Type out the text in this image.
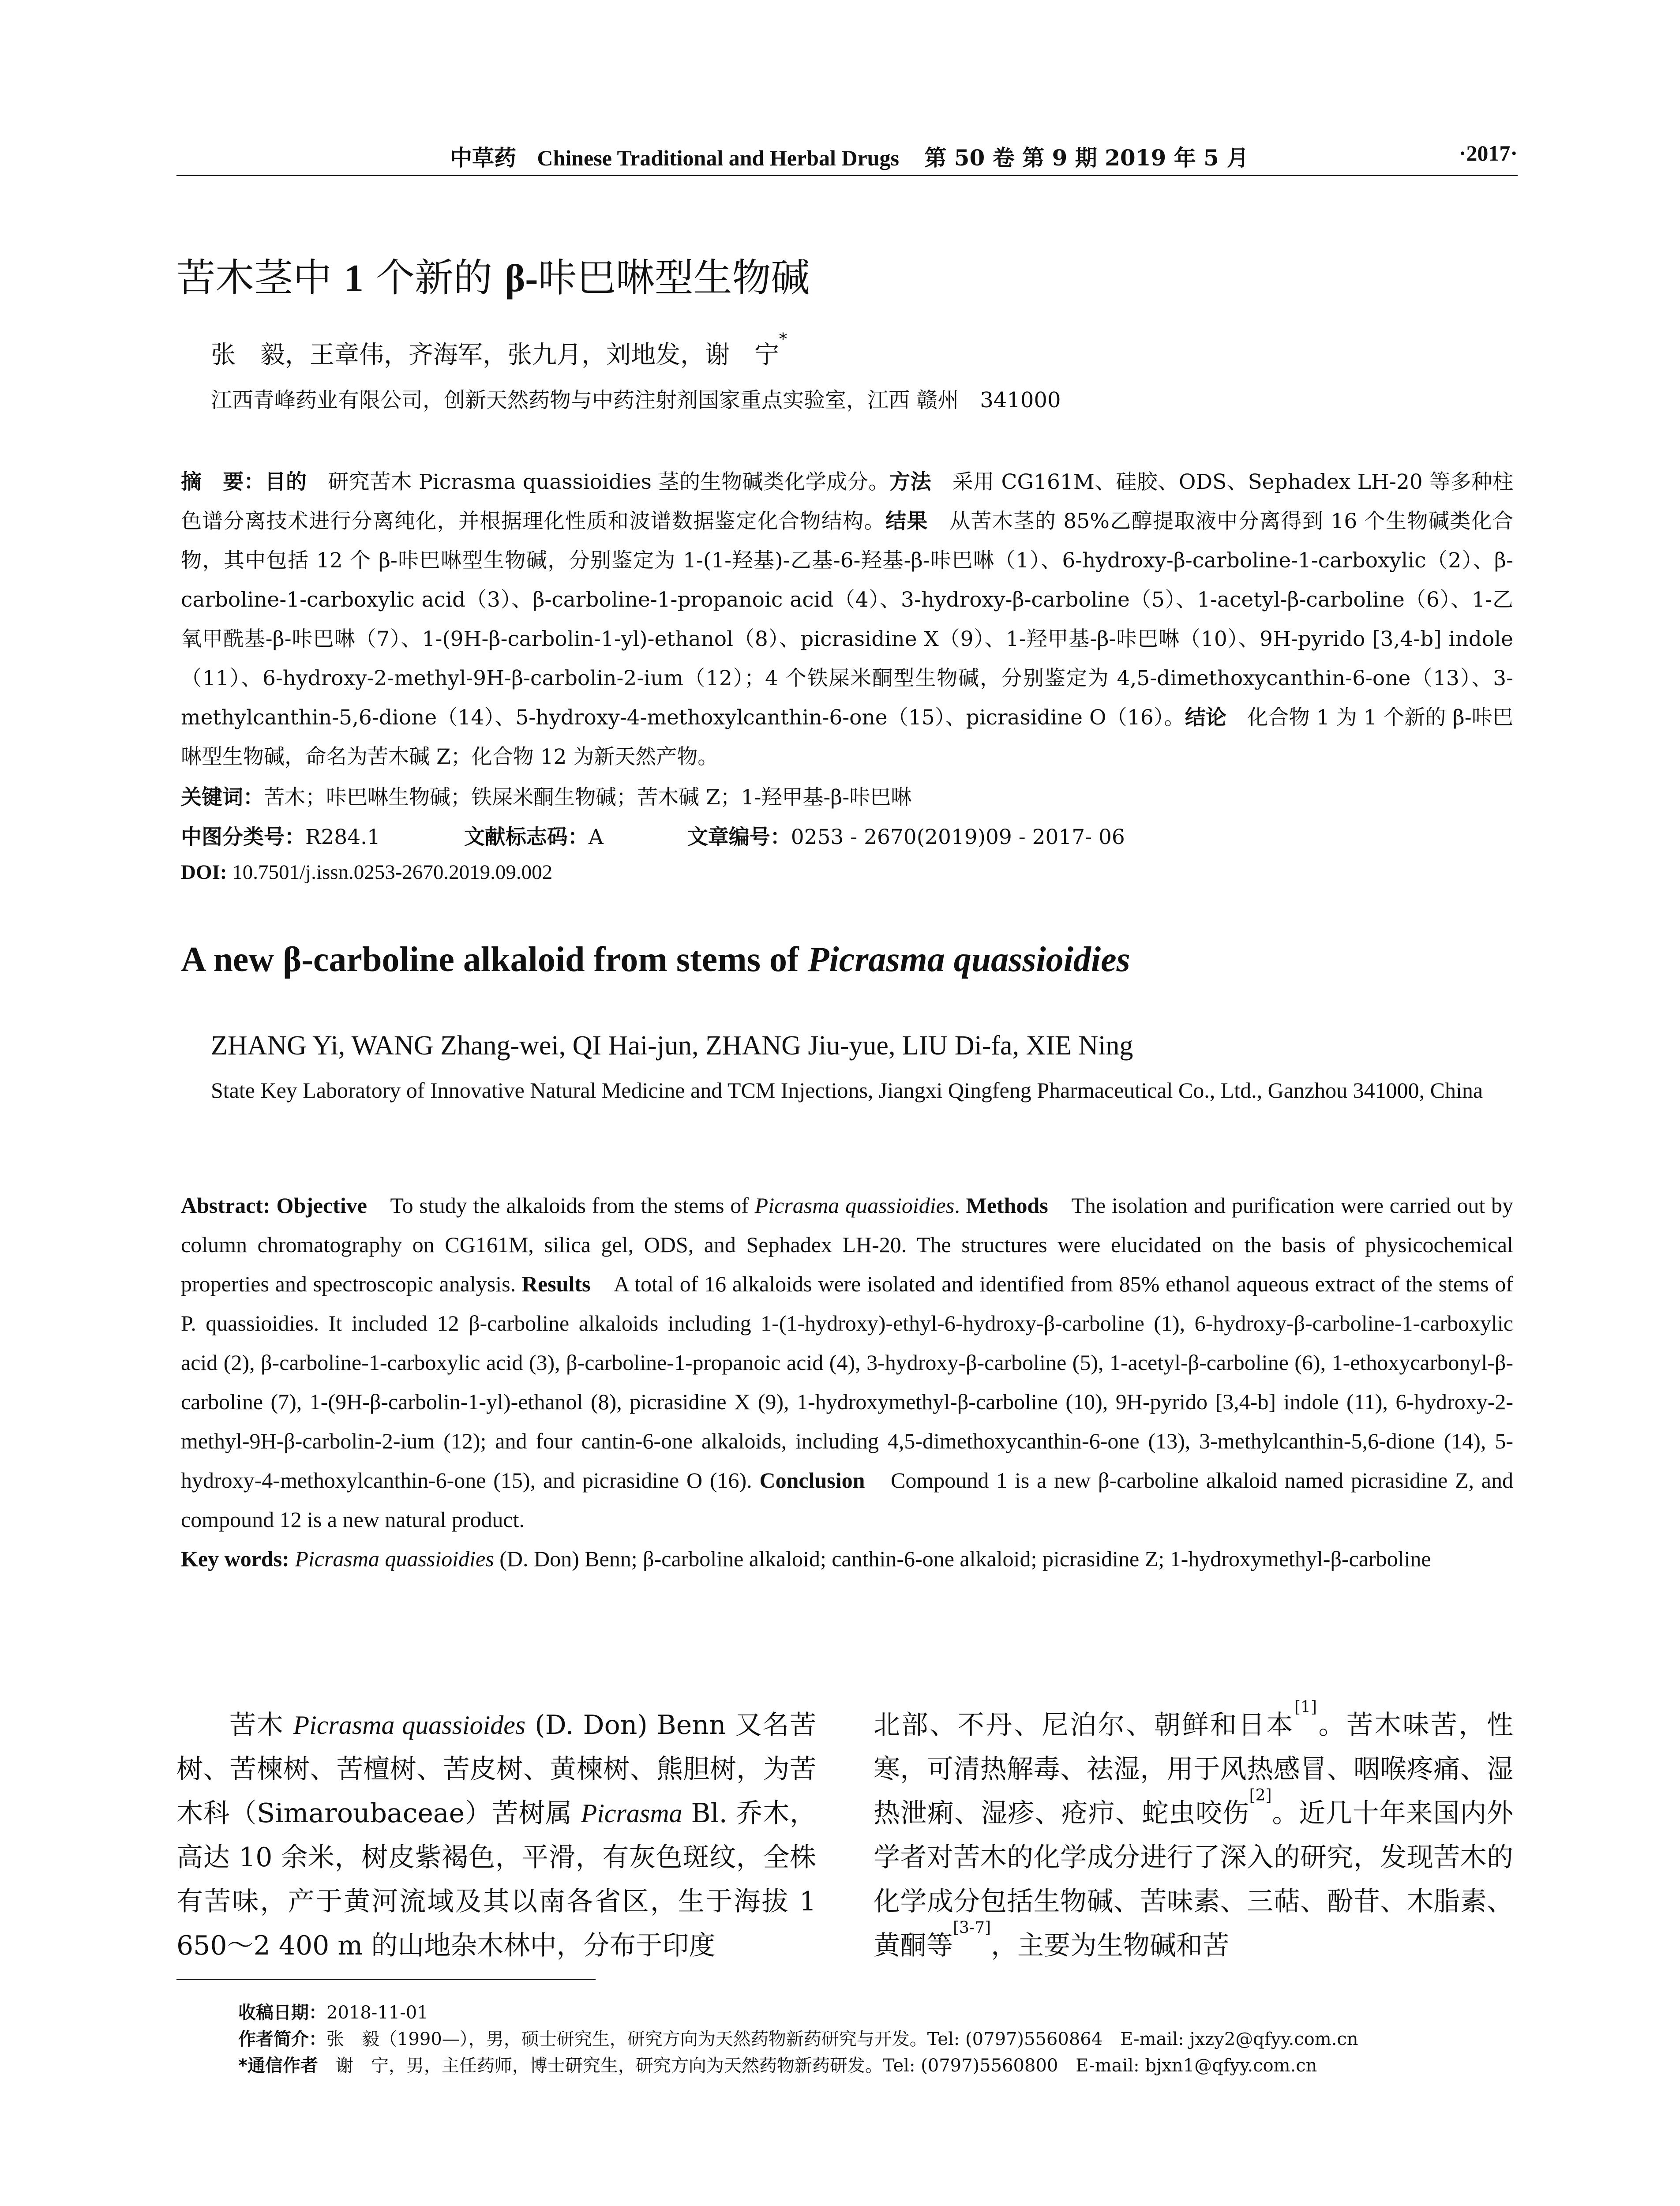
中草药 Chinese Traditional and Herbal Drugs 第 50 卷 第 9 期 2019 年 5 月	·2017·
苦木茎中 1 个新的 β-咔巴啉型生物碱
张　毅，王章伟，齐海军，张九月，刘地发，谢　宁*
江西青峰药业有限公司，创新天然药物与中药注射剂国家重点实验室，江西 赣州　341000
摘　要：目的　研究苦木 Picrasma quassioidies 茎的生物碱类化学成分。方法　采用 CG161M、硅胶、ODS、Sephadex LH-20 等多种柱色谱分离技术进行分离纯化，并根据理化性质和波谱数据鉴定化合物结构。结果　从苦木茎的 85%乙醇提取液中分离得到 16 个生物碱类化合物，其中包括 12 个 β-咔巴啉型生物碱，分别鉴定为 1-(1-羟基)-乙基-6-羟基-β-咔巴啉（1）、6-hydroxy-β-carboline-1-carboxylic（2）、β-carboline-1-carboxylic acid（3）、β-carboline-1-propanoic acid（4）、3-hydroxy-β-carboline（5）、1-acetyl-β-carboline（6）、1-乙氧甲酰基-β-咔巴啉（7）、1-(9H-β-carbolin-1-yl)-ethanol（8）、picrasidine X（9）、1-羟甲基-β-咔巴啉（10）、9H-pyrido [3,4-b] indole（11）、6-hydroxy-2-methyl-9H-β-carbolin-2-ium（12）；4 个铁屎米酮型生物碱，分别鉴定为 4,5-dimethoxycanthin-6-one（13）、3-methylcanthin-5,6-dione（14）、5-hydroxy-4-methoxylcanthin-6-one（15）、picrasidine O（16）。结论　化合物 1 为 1 个新的 β-咔巴啉型生物碱，命名为苦木碱 Z；化合物 12 为新天然产物。
关键词：苦木；咔巴啉生物碱；铁屎米酮生物碱；苦木碱 Z；1-羟甲基-β-咔巴啉
中图分类号：R284.1	文献标志码：A	文章编号：0253 - 2670(2019)09 - 2017- 06
DOI: 10.7501/j.issn.0253-2670.2019.09.002
A new β-carboline alkaloid from stems of Picrasma quassioidies
ZHANG Yi, WANG Zhang-wei, QI Hai-jun, ZHANG Jiu-yue, LIU Di-fa, XIE Ning
State Key Laboratory of Innovative Natural Medicine and TCM Injections, Jiangxi Qingfeng Pharmaceutical Co., Ltd., Ganzhou 341000, China
Abstract: Objective　To study the alkaloids from the stems of Picrasma quassioidies. Methods　The isolation and purification were carried out by column chromatography on CG161M, silica gel, ODS, and Sephadex LH-20. The structures were elucidated on the basis of physicochemical properties and spectroscopic analysis. Results　A total of 16 alkaloids were isolated and identified from 85% ethanol aqueous extract of the stems of P. quassioidies. It included 12 β-carboline alkaloids including 1-(1-hydroxy)-ethyl-6-hydroxy-β-carboline (1), 6-hydroxy-β-carboline-1-carboxylic acid (2), β-carboline-1-carboxylic acid (3), β-carboline-1-propanoic acid (4), 3-hydroxy-β-carboline (5), 1-acetyl-β-carboline (6), 1-ethoxycarbonyl-β-carboline (7), 1-(9H-β-carbolin-1-yl)-ethanol (8), picrasidine X (9), 1-hydroxymethyl-β-carboline (10), 9H-pyrido [3,4-b] indole (11), 6-hydroxy-2-methyl-9H-β-carbolin-2-ium (12); and four cantin-6-one alkaloids, including 4,5-dimethoxycanthin-6-one (13), 3-methylcanthin-5,6-dione (14), 5-hydroxy-4-methoxylcanthin-6-one (15), and picrasidine O (16). Conclusion　Compound 1 is a new β-carboline alkaloid named picrasidine Z, and compound 12 is a new natural product.
Key words: Picrasma quassioidies (D. Don) Benn; β-carboline alkaloid; canthin-6-one alkaloid; picrasidine Z; 1-hydroxymethyl-β-carboline
苦木 Picrasma quassioides (D. Don) Benn 又名苦树、苦楝树、苦檀树、苦皮树、黄楝树、熊胆树，为苦木科（Simaroubaceae）苦树属 Picrasma Bl. 乔木，高达 10 余米，树皮紫褐色，平滑，有灰色斑纹，全株有苦味，产于黄河流域及其以南各省区，生于海拔 1 650～2 400 m 的山地杂木林中，分布于印度
北部、不丹、尼泊尔、朝鲜和日本[1]。苦木味苦，性寒，可清热解毒、祛湿，用于风热感冒、咽喉疼痛、湿热泄痢、湿疹、疮疖、蛇虫咬伤[2]。近几十年来国内外学者对苦木的化学成分进行了深入的研究，发现苦木的化学成分包括生物碱、苦味素、三萜、酚苷、木脂素、黄酮等[3-7]，主要为生物碱和苦
收稿日期：2018-11-01
作者简介：张　毅（1990—），男，硕士研究生，研究方向为天然药物新药研究与开发。Tel: (0797)5560864　E-mail: jxzy2@qfyy.com.cn
*通信作者　谢　宁，男，主任药师，博士研究生，研究方向为天然药物新药研发。Tel: (0797)5560800　E-mail: bjxn1@qfyy.com.cn
